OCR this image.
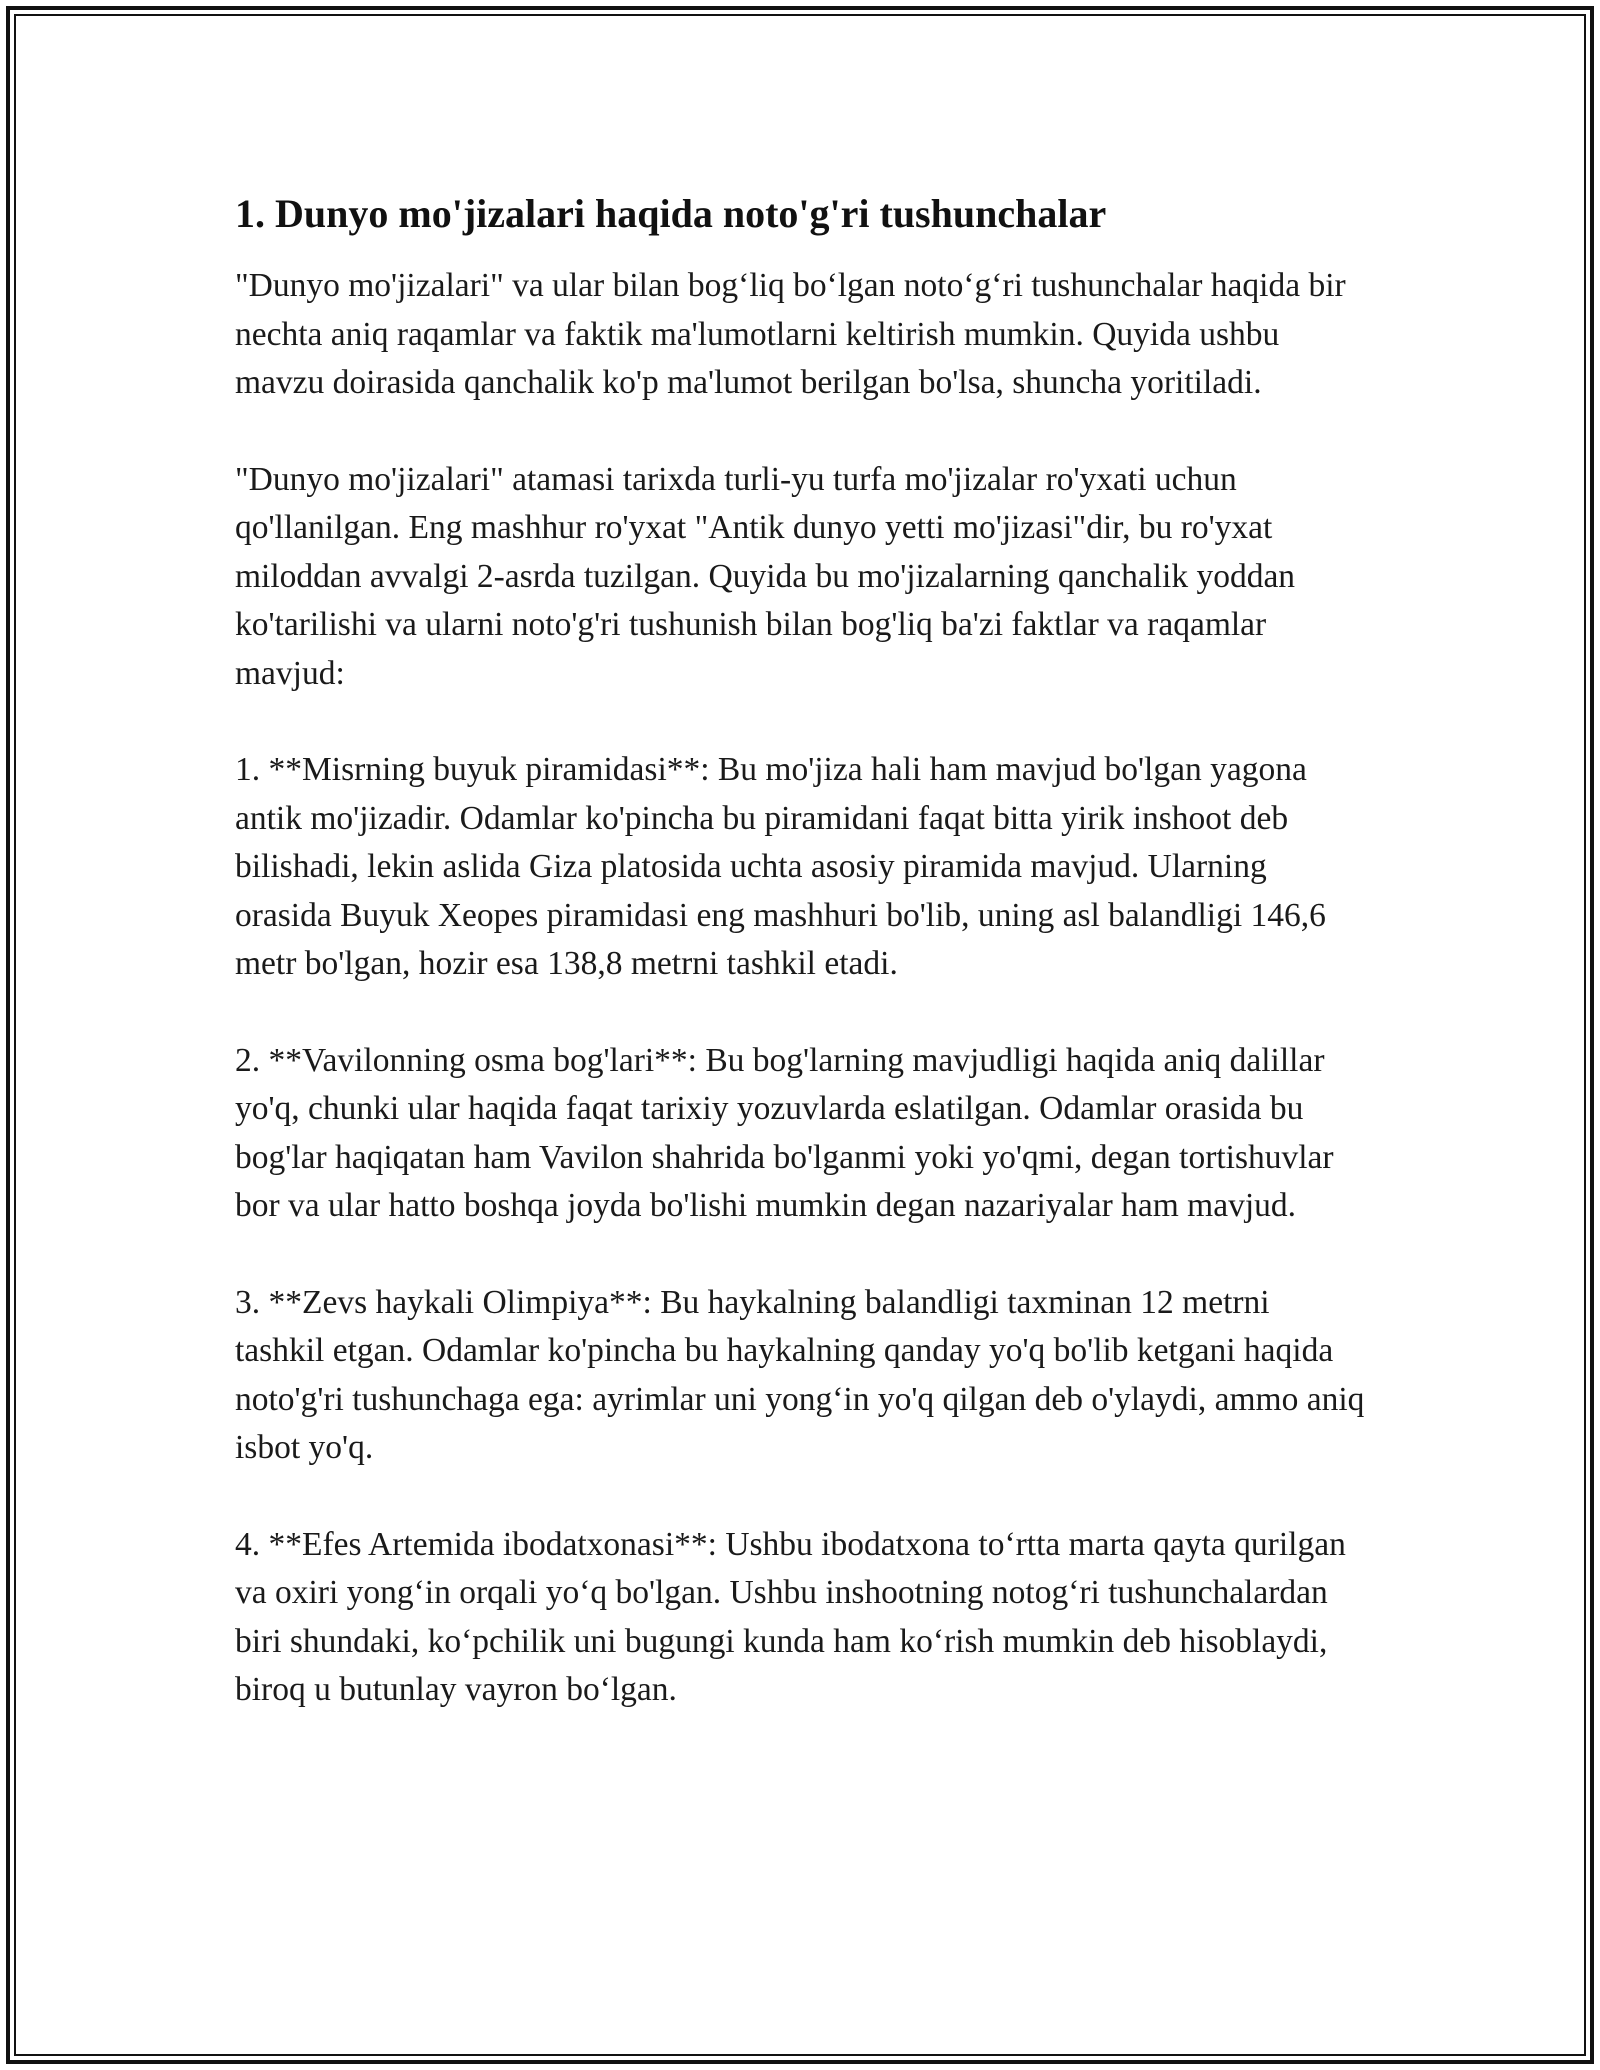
1. Dunyo mo'jizalari haqida noto'g'ri tushunchalar

"Dunyo mo'jizalari" va ular bilan bog‘liq bo‘lgan noto‘g‘ri tushunchalar haqida bir nechta aniq raqamlar va faktik ma'lumotlarni keltirish mumkin. Quyida ushbu mavzu doirasida qanchalik ko'p ma'lumot berilgan bo'lsa, shuncha yoritiladi.

"Dunyo mo'jizalari" atamasi tarixda turli-yu turfa mo'jizalar ro'yxati uchun qo'llanilgan. Eng mashhur ro'yxat "Antik dunyo yetti mo'jizasi"dir, bu ro'yxat miloddan avvalgi 2-asrda tuzilgan. Quyida bu mo'jizalarning qanchalik yoddan ko'tarilishi va ularni noto'g'ri tushunish bilan bog'liq ba'zi faktlar va raqamlar mavjud:

1. **Misrning buyuk piramidasi**: Bu mo'jiza hali ham mavjud bo'lgan yagona antik mo'jizadir. Odamlar ko'pincha bu piramidani faqat bitta yirik inshoot deb bilishadi, lekin aslida Giza platosida uchta asosiy piramida mavjud. Ularning orasida Buyuk Xeopes piramidasi eng mashhuri bo'lib, uning asl balandligi 146,6 metr bo'lgan, hozir esa 138,8 metrni tashkil etadi.

2. **Vavilonning osma bog'lari**: Bu bog'larning mavjudligi haqida aniq dalillar yo'q, chunki ular haqida faqat tarixiy yozuvlarda eslatilgan. Odamlar orasida bu bog'lar haqiqatan ham Vavilon shahrida bo'lganmi yoki yo'qmi, degan tortishuvlar bor va ular hatto boshqa joyda bo'lishi mumkin degan nazariyalar ham mavjud.

3. **Zevs haykali Olimpiya**: Bu haykalning balandligi taxminan 12 metrni tashkil etgan. Odamlar ko'pincha bu haykalning qanday yo'q bo'lib ketgani haqida noto'g'ri tushunchaga ega: ayrimlar uni yong‘in yo'q qilgan deb o'ylaydi, ammo aniq isbot yo'q.

4. **Efes Artemida ibodatxonasi**: Ushbu ibodatxona to‘rtta marta qayta qurilgan va oxiri yong‘in orqali yo‘q bo'lgan. Ushbu inshootning notog‘ri tushunchalardan biri shundaki, ko‘pchilik uni bugungi kunda ham ko‘rish mumkin deb hisoblaydi, biroq u butunlay vayron bo‘lgan.
